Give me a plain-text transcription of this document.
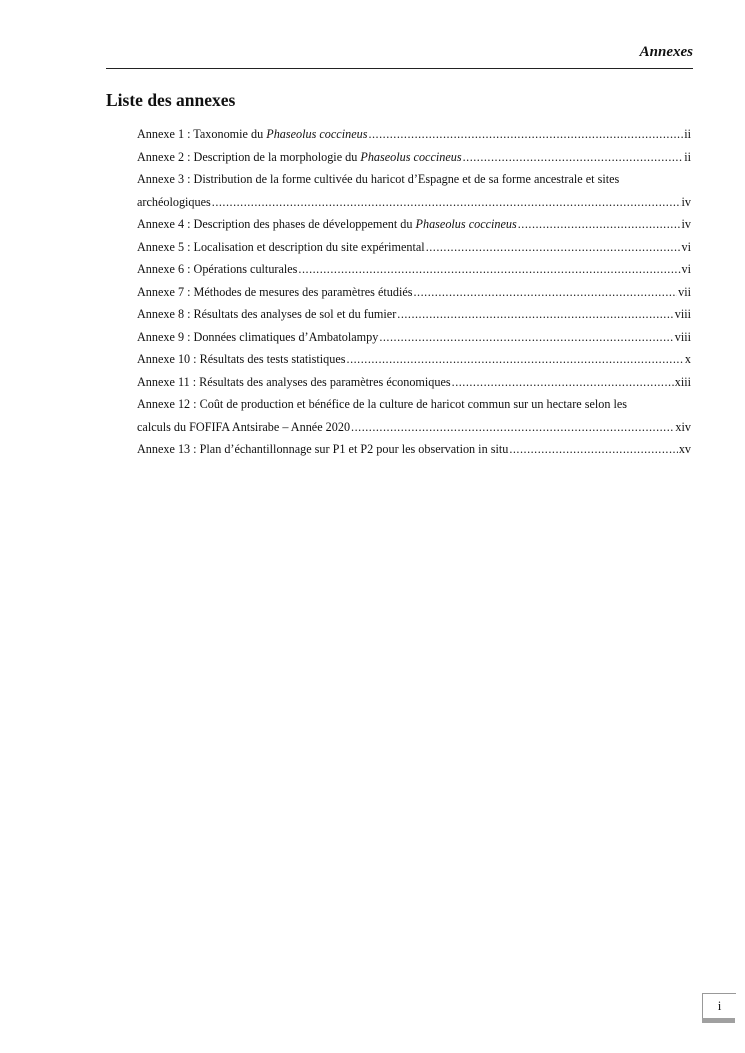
Annexes
Liste des annexes
Annexe 1 : Taxonomie du Phaseolus coccineus .....	ii
Annexe 2 : Description de la morphologie du Phaseolus coccineus .....	ii
Annexe 3 : Distribution de la forme cultivée du haricot d’Espagne et de sa forme ancestrale et sites
archéologiques .....	iv
Annexe 4 : Description des phases de développement du Phaseolus coccineus .....	iv
Annexe 5 : Localisation et description du site expérimental .....	vi
Annexe 6 : Opérations culturales .....	vi
Annexe 7 : Méthodes de mesures des paramètres étudiés .....	vii
Annexe 8 : Résultats des analyses de sol et du fumier .....	viii
Annexe 9 : Données climatiques d’Ambatolampy .....	viii
Annexe 10 : Résultats des tests statistiques .....	x
Annexe 11 : Résultats des analyses des paramètres économiques .....	xiii
Annexe 12 : Coût de production et bénéfice de la culture de haricot commun sur un hectare selon les
calculs du FOFIFA Antsirabe – Année 2020 .....	xiv
Annexe 13 : Plan d’échantillonnage sur P1 et P2 pour les observation in situ .....	xv
i
